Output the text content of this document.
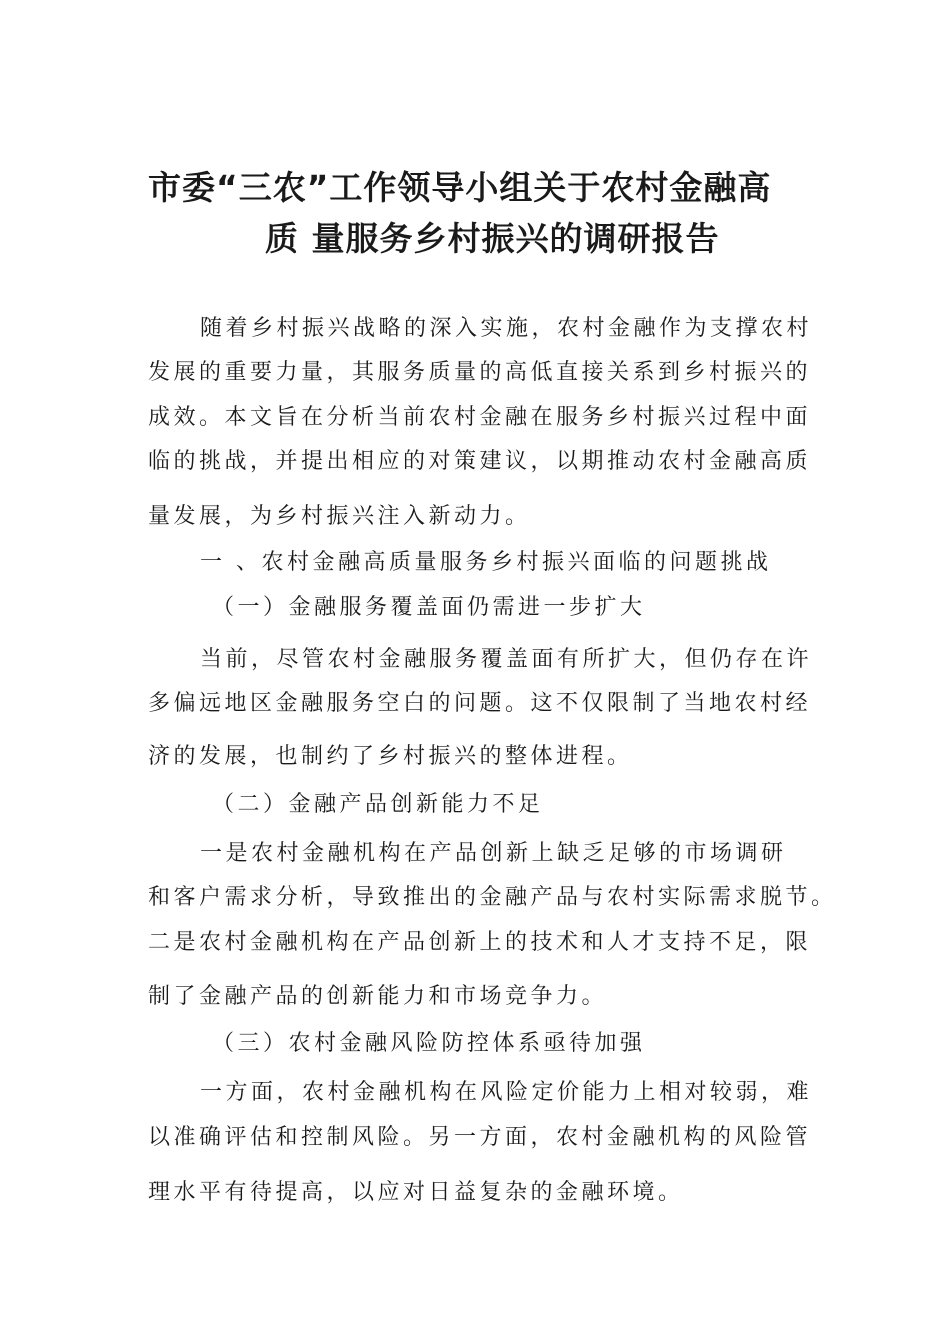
市委“三农”工作领导小组关于农村金融高
质 量服务乡村振兴的调研报告
随着乡村振兴战略的深入实施，农村金融作为支撑农村
发展的重要力量，其服务质量的高低直接关系到乡村振兴的
成效。本文旨在分析当前农村金融在服务乡村振兴过程中面
临的挑战，并提出相应的对策建议，以期推动农村金融高质
量发展，为乡村振兴注入新动力。
一 、农村金融高质量服务乡村振兴面临的问题挑战
（一）金融服务覆盖面仍需进一步扩大
当前，尽管农村金融服务覆盖面有所扩大，但仍存在许
多偏远地区金融服务空白的问题。这不仅限制了当地农村经
济的发展，也制约了乡村振兴的整体进程。
（二）金融产品创新能力不足
一是农村金融机构在产品创新上缺乏足够的市场调研
和客户需求分析，导致推出的金融产品与农村实际需求脱节。
二是农村金融机构在产品创新上的技术和人才支持不足，限
制了金融产品的创新能力和市场竞争力。
（三）农村金融风险防控体系亟待加强
一方面，农村金融机构在风险定价能力上相对较弱，难
以准确评估和控制风险。另一方面，农村金融机构的风险管
理水平有待提高，以应对日益复杂的金融环境。
